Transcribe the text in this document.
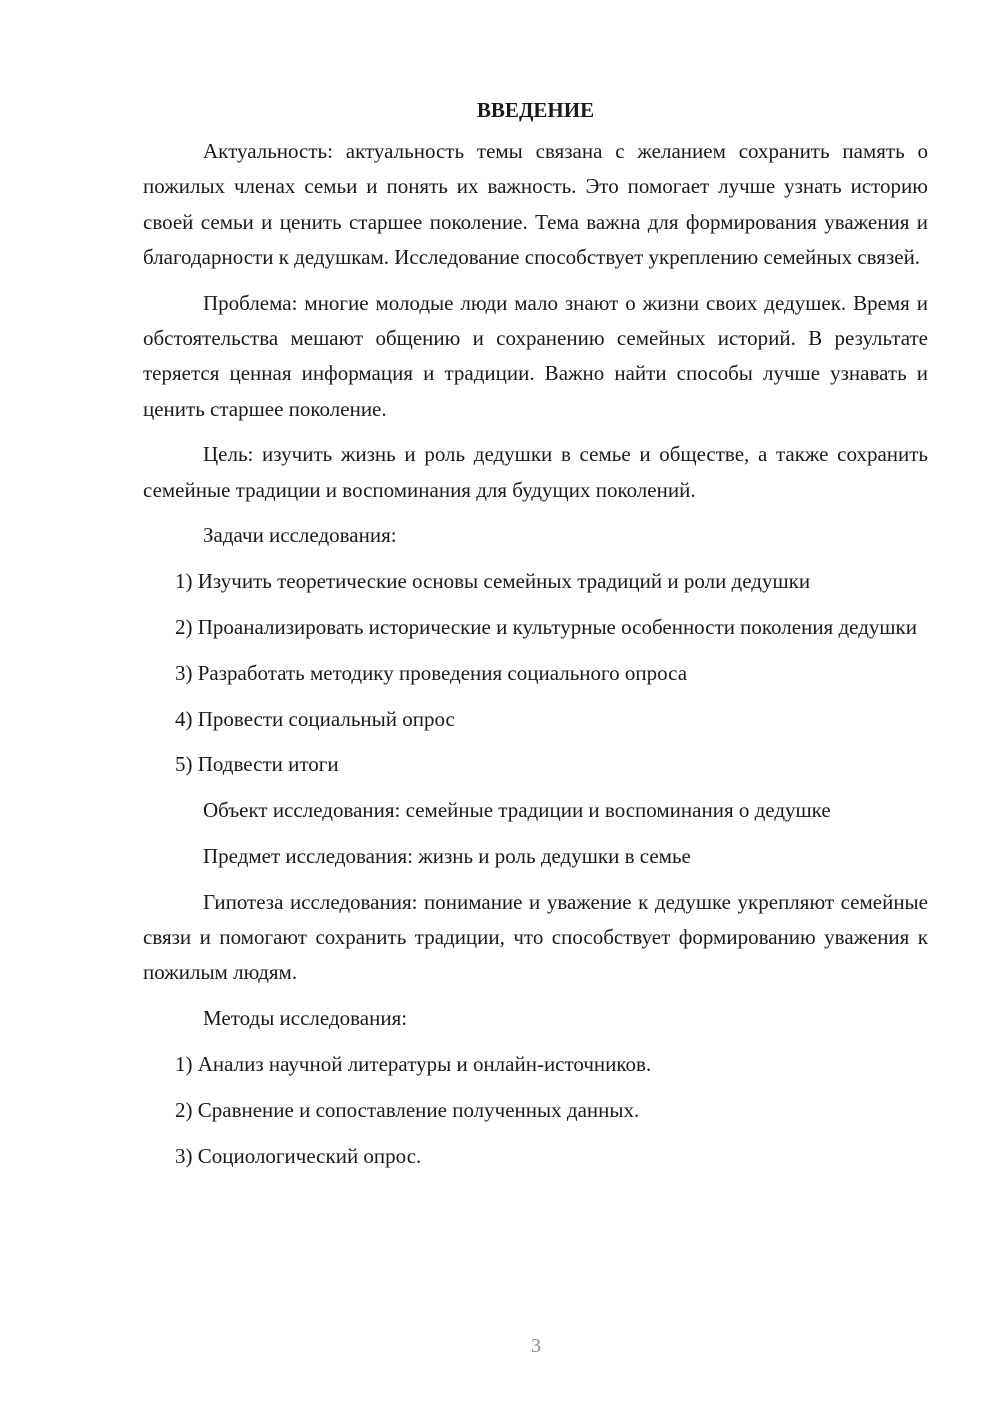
ВВЕДЕНИЕ

Актуальность: актуальность темы связана с желанием сохранить память о пожилых членах семьи и понять их важность. Это помогает лучше узнать историю своей семьи и ценить старшее поколение. Тема важна для формирования уважения и благодарности к дедушкам. Исследование способствует укреплению семейных связей.

Проблема: многие молодые люди мало знают о жизни своих дедушек. Время и обстоятельства мешают общению и сохранению семейных историй. В результате теряется ценная информация и традиции. Важно найти способы лучше узнавать и ценить старшее поколение.

Цель: изучить жизнь и роль дедушки в семье и обществе, а также сохранить семейные традиции и воспоминания для будущих поколений.

Задачи исследования:

1) Изучить теоретические основы семейных традиций и роли дедушки

2) Проанализировать исторические и культурные особенности поколения дедушки

3) Разработать методику проведения социального опроса

4) Провести социальный опрос

5) Подвести итоги

Объект исследования: семейные традиции и воспоминания о дедушке

Предмет исследования: жизнь и роль дедушки в семье

Гипотеза исследования: понимание и уважение к дедушке укрепляют семейные связи и помогают сохранить традиции, что способствует формированию уважения к пожилым людям.

Методы исследования:

1) Анализ научной литературы и онлайн-источников.

2) Сравнение и сопоставление полученных данных.

3) Социологический опрос.

3
